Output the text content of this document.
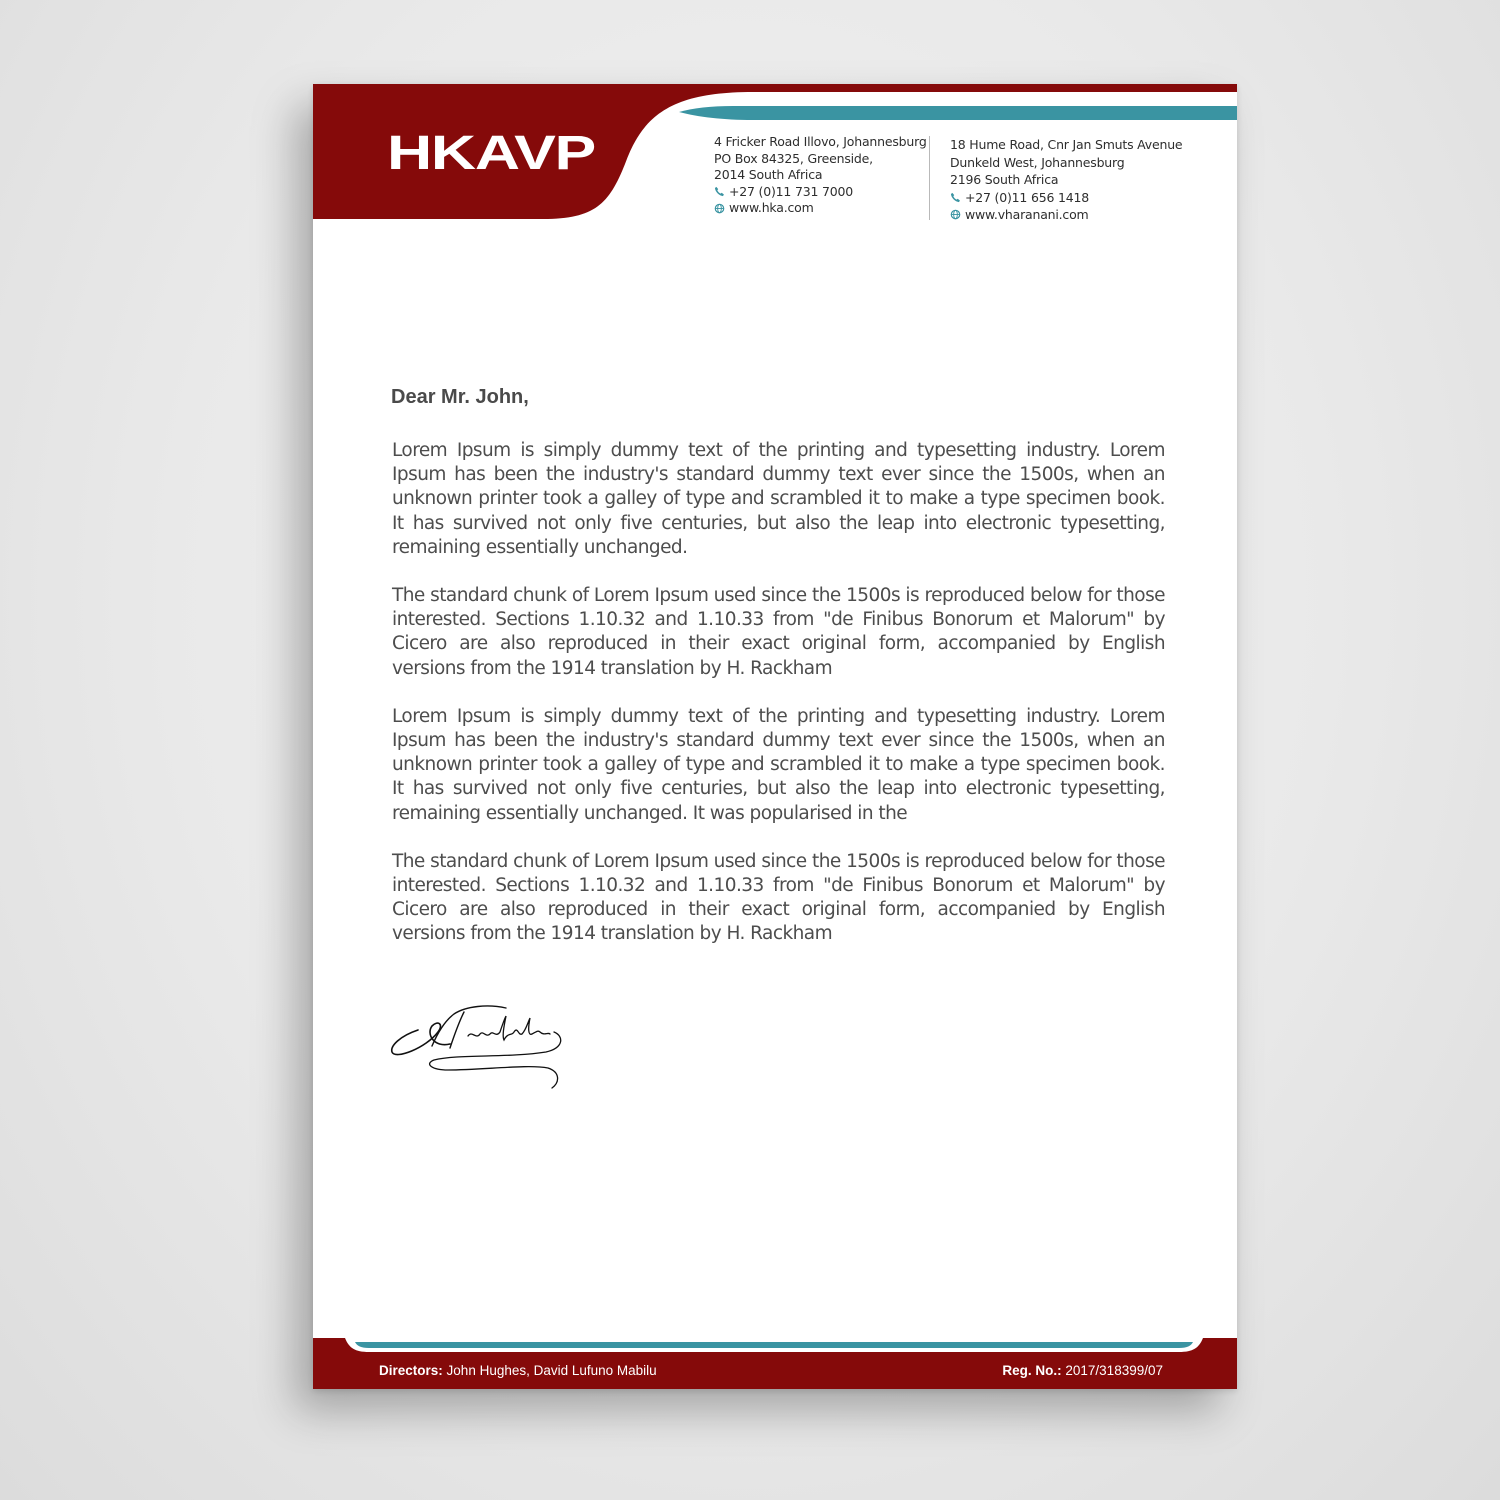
HKAVP	4 Fricker Road Illovo, Johannesburg
PO Box 84325, Greenside,
2014 South Africa
+27 (0)11 731 7000
www.hka.com
18 Hume Road, Cnr Jan Smuts Avenue
Dunkeld West, Johannesburg
2196 South Africa
+27 (0)11 656 1418
www.vharanani.com
Dear Mr. John,

Lorem Ipsum is simply dummy text of the printing and typesetting industry. Lorem Ipsum has been the industry's standard dummy text ever since the 1500s, when an unknown printer took a galley of type and scrambled it to make a type specimen book. It has survived not only five centuries, but also the leap into electronic typesetting, remaining essentially unchanged.

The standard chunk of Lorem Ipsum used since the 1500s is reproduced below for those interested. Sections 1.10.32 and 1.10.33 from "de Finibus Bonorum et Malorum" by Cicero are also reproduced in their exact original form, accompanied by English versions from the 1914 translation by H. Rackham

Lorem Ipsum is simply dummy text of the printing and typesetting industry. Lorem Ipsum has been the industry's standard dummy text ever since the 1500s, when an unknown printer took a galley of type and scrambled it to make a type specimen book. It has survived not only five centuries, but also the leap into electronic typesetting, remaining essentially unchanged. It was popularised in the

The standard chunk of Lorem Ipsum used since the 1500s is reproduced below for those interested. Sections 1.10.32 and 1.10.33 from "de Finibus Bonorum et Malorum" by Cicero are also reproduced in their exact original form, accompanied by English versions from the 1914 translation by H. Rackham

Directors: John Hughes, David Lufuno Mabilu	Reg. No.: 2017/318399/07
